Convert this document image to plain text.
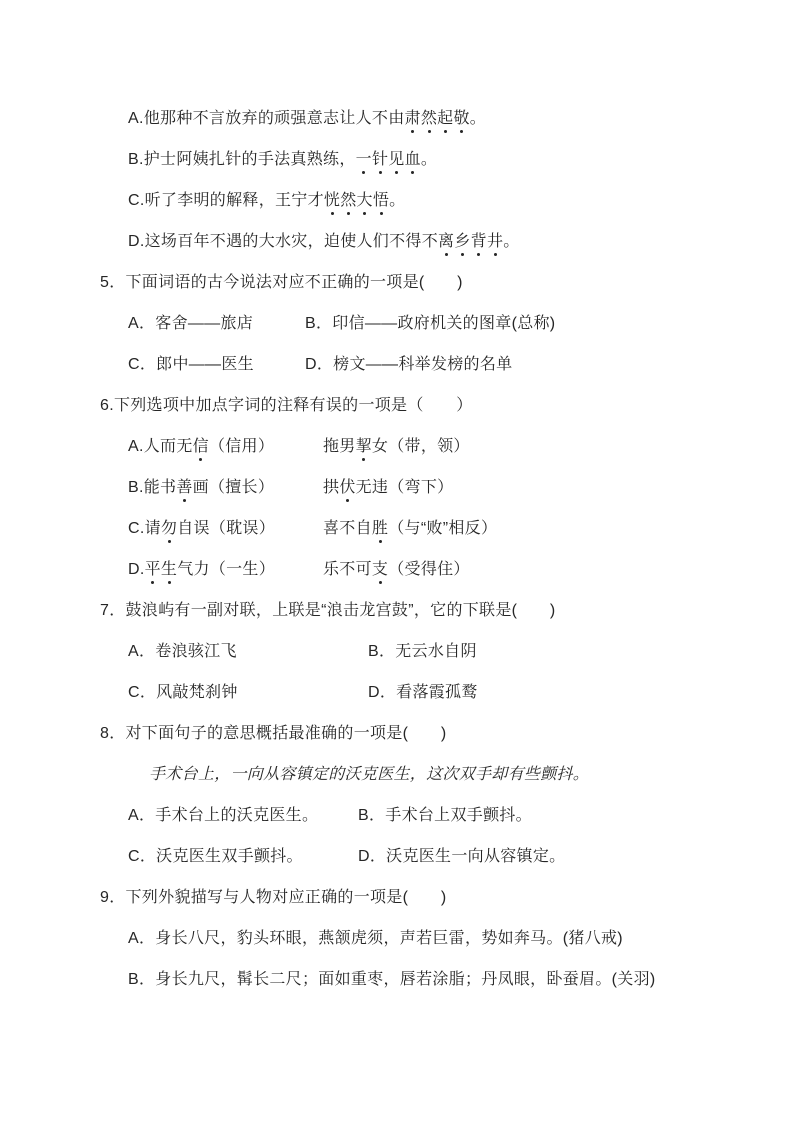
A.他那种不言放弃的顽强意志让人不由 肃 然 起 敬 。
B.护士阿姨扎针的手法真熟练， 一 针 见 血 。
C.听了李明的解释，王宁才 恍 然 大 悟 。
D.这场百年不遇的大水灾，迫使人们不得不 离 乡 背 井 。
5．下面词语的古今说法对应不正确的一项是(　　)
A．客舍——旅店	B．印信——政府机关的图章(总称)
C．郎中——医生	D．榜文——科举发榜的名单
6.下列选项中加点字词的注释有误的一项是（　　）
A.人而无信（信用）	拖男挈女（带，领）
B.能书善画（擅长）	拱伏无违（弯下）
C.请勿自误（耽误）	喜不自胜（与“败”相反）
D.平生气力（一生）	乐不可支（受得住）
7．鼓浪屿有一副对联，上联是“浪击龙宫鼓”，它的下联是(　　)
A．卷浪骇江飞	B．无云水自阴
C．风敲梵刹钟	D．看落霞孤鹜
8．对下面句子的意思概括最准确的一项是(　　)
手术台上，一向从容镇定的沃克医生，这次双手却有些颤抖。
A．手术台上的沃克医生。	B．手术台上双手颤抖。
C．沃克医生双手颤抖。	D．沃克医生一向从容镇定。
9．下列外貌描写与人物对应正确的一项是(　　)
A．身长八尺，豹头环眼，燕颔虎须，声若巨雷，势如奔马。(猪八戒)
B．身长九尺，髯长二尺；面如重枣，唇若涂脂；丹凤眼，卧蚕眉。(关羽)
